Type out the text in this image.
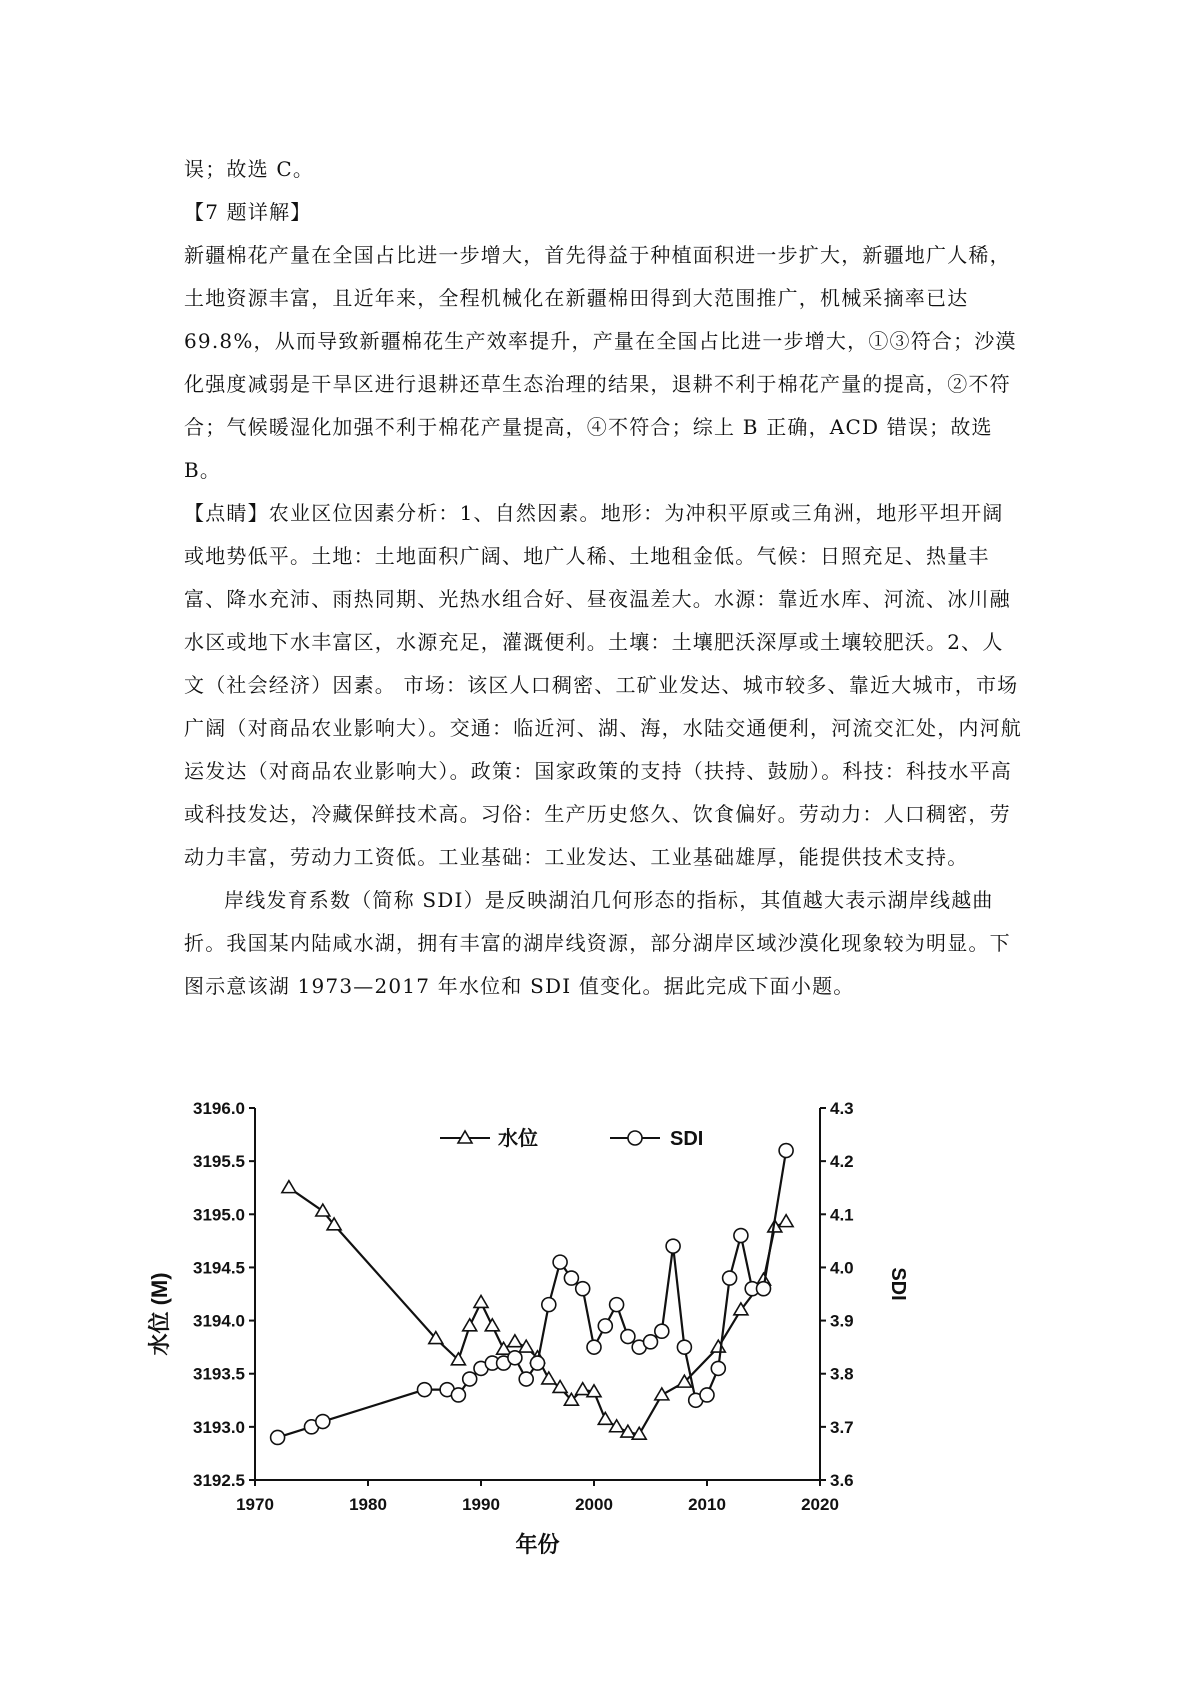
误；故选 C。

【7 题详解】

新疆棉花产量在全国占比进一步增大，首先得益于种植面积进一步扩大，新疆地广人稀，土地资源丰富，且近年来，全程机械化在新疆棉田得到大范围推广，机械采摘率已达 69.8%，从而导致新疆棉花生产效率提升，产量在全国占比进一步增大，①③符合；沙漠化强度减弱是干旱区进行退耕还草生态治理的结果，退耕不利于棉花产量的提高，②不符合；气候暖湿化加强不利于棉花产量提高，④不符合；综上 B 正确，ACD 错误；故选 B。

【点睛】农业区位因素分析：1、自然因素。地形：为冲积平原或三角洲，地形平坦开阔或地势低平。土地：土地面积广阔、地广人稀、土地租金低。气候：日照充足、热量丰富、降水充沛、雨热同期、光热水组合好、昼夜温差大。水源：靠近水库、河流、冰川融水区或地下水丰富区，水源充足，灌溉便利。土壤：土壤肥沃深厚或土壤较肥沃。2、人文（社会经济）因素。 市场：该区人口稠密、工矿业发达、城市较多、靠近大城市，市场广阔（对商品农业影响大）。交通：临近河、湖、海，水陆交通便利，河流交汇处，内河航运发达（对商品农业影响大）。政策：国家政策的支持（扶持、鼓励）。科技：科技水平高或科技发达，冷藏保鲜技术高。习俗：生产历史悠久、饮食偏好。劳动力：人口稠密，劳动力丰富，劳动力工资低。工业基础：工业发达、工业基础雄厚，能提供技术支持。

岸线发育系数（简称 SDI）是反映湖泊几何形态的指标，其值越大表示湖岸线越曲折。我国某内陆咸水湖，拥有丰富的湖岸线资源，部分湖岸区域沙漠化现象较为明显。下图示意该湖 1973—2017 年水位和 SDI 值变化。据此完成下面小题。

1970	1980	1990	2000	2010	2020
3192.5
3193.0
3193.5
3194.0
3194.5
3195.0
3195.5
3196.0
3.6
3.7
3.8
3.9
4.0
4.1
4.2
4.3
年份
水位 (M)	SDI
水位	SDI
